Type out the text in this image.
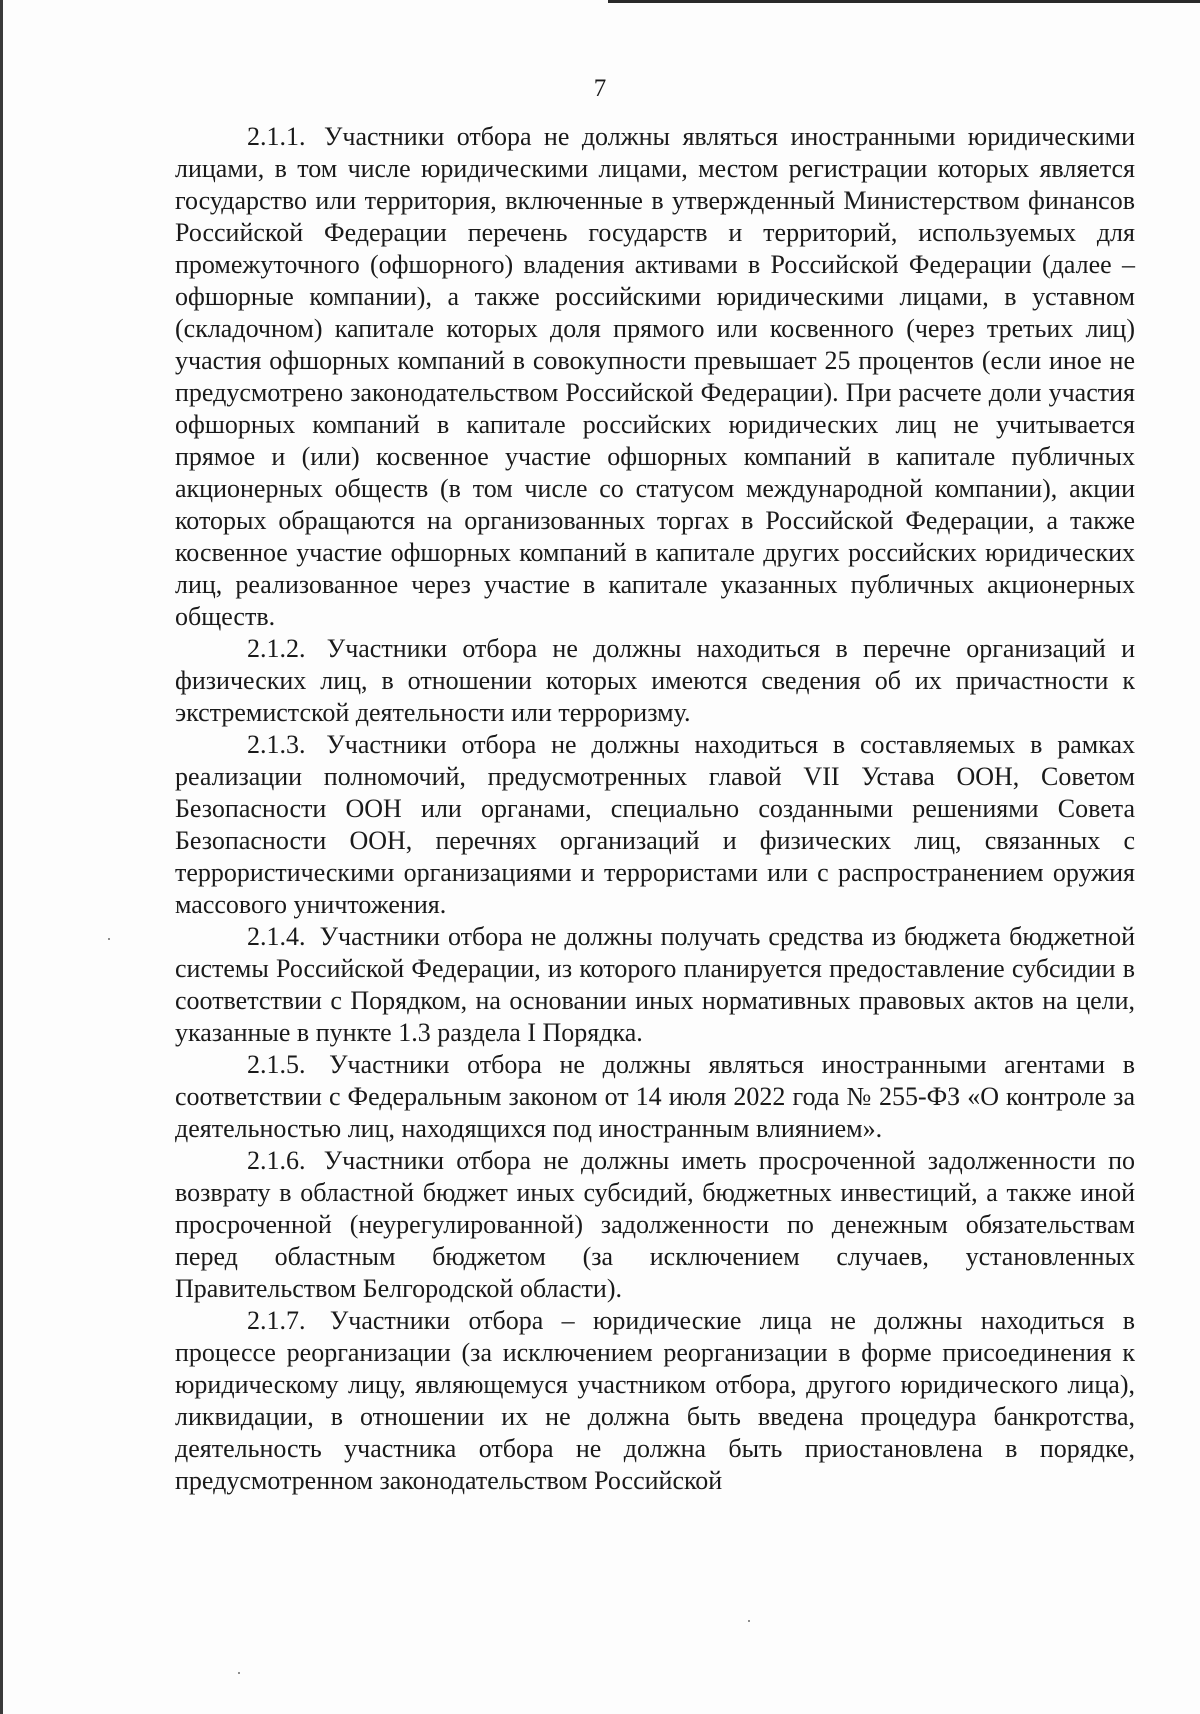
7

2.1.1. Участники отбора не должны являться иностранными юридическими лицами, в том числе юридическими лицами, местом регистрации которых является государство или территория, включенные в утвержденный Министерством финансов Российской Федерации перечень государств и территорий, используемых для промежуточного (офшорного) владения активами в Российской Федерации (далее – офшорные компании), а также российскими юридическими лицами, в уставном (складочном) капитале которых доля прямого или косвенного (через третьих лиц) участия офшорных компаний в совокупности превышает 25 процентов (если иное не предусмотрено законодательством Российской Федерации). При расчете доли участия офшорных компаний в капитале российских юридических лиц не учитывается прямое и (или) косвенное участие офшорных компаний в капитале публичных акционерных обществ (в том числе со статусом международной компании), акции которых обращаются на организованных торгах в Российской Федерации, а также косвенное участие офшорных компаний в капитале других российских юридических лиц, реализованное через участие в капитале указанных публичных акционерных обществ.

2.1.2. Участники отбора не должны находиться в перечне организаций и физических лиц, в отношении которых имеются сведения об их причастности к экстремистской деятельности или терроризму.

2.1.3. Участники отбора не должны находиться в составляемых в рамках реализации полномочий, предусмотренных главой VII Устава ООН, Советом Безопасности ООН или органами, специально созданными решениями Совета Безопасности ООН, перечнях организаций и физических лиц, связанных с террористическими организациями и террористами или с распространением оружия массового уничтожения.

2.1.4. Участники отбора не должны получать средства из бюджета бюджетной системы Российской Федерации, из которого планируется предоставление субсидии в соответствии с Порядком, на основании иных нормативных правовых актов на цели, указанные в пункте 1.3 раздела I Порядка.

2.1.5. Участники отбора не должны являться иностранными агентами в соответствии с Федеральным законом от 14 июля 2022 года № 255-ФЗ «О контроле за деятельностью лиц, находящихся под иностранным влиянием».

2.1.6. Участники отбора не должны иметь просроченной задолженности по возврату в областной бюджет иных субсидий, бюджетных инвестиций, а также иной просроченной (неурегулированной) задолженности по денежным обязательствам перед областным бюджетом (за исключением случаев, установленных Правительством Белгородской области).

2.1.7. Участники отбора – юридические лица не должны находиться в процессе реорганизации (за исключением реорганизации в форме присоединения к юридическому лицу, являющемуся участником отбора, другого юридического лица), ликвидации, в отношении их не должна быть введена процедура банкротства, деятельность участника отбора не должна быть приостановлена в порядке, предусмотренном законодательством Российской
